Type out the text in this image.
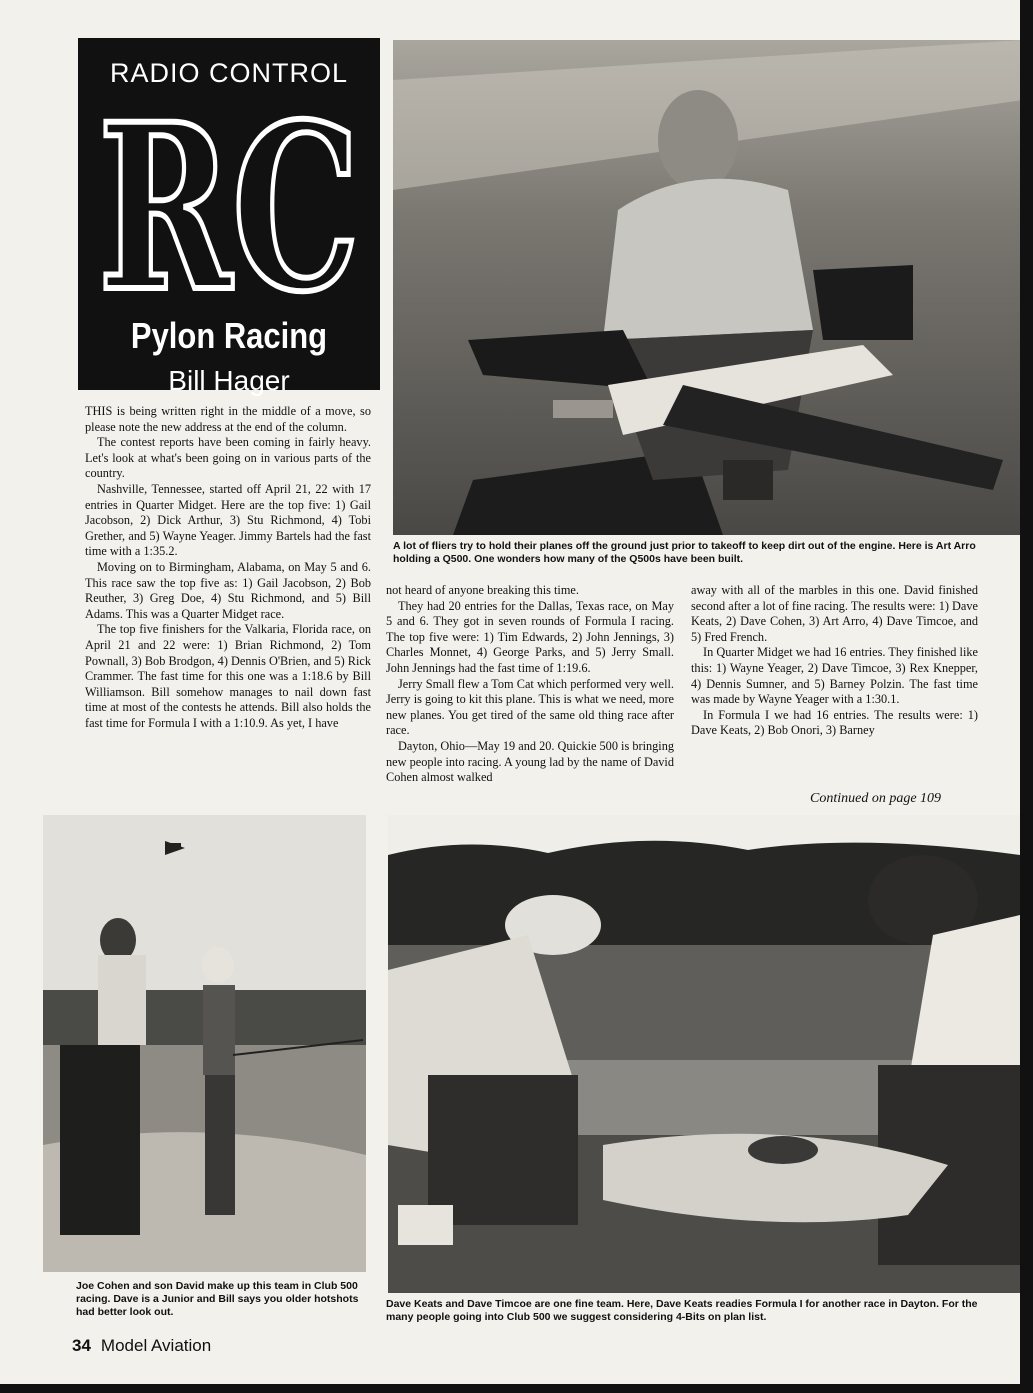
RADIO CONTROL
RC
Pylon Racing
Bill Hager
A lot of fliers try to hold their planes off the ground just prior to takeoff to keep dirt out of the engine. Here is Art Arro holding a Q500. One wonders how many of the Q500s have been built.

THIS is being written right in the middle of a move, so please note the new address at the end of the column.

The contest reports have been coming in fairly heavy. Let's look at what's been going on in various parts of the country.

Nashville, Tennessee, started off April 21, 22 with 17 entries in Quarter Midget. Here are the top five: 1) Gail Jacobson, 2) Dick Arthur, 3) Stu Richmond, 4) Tobi Grether, and 5) Wayne Yeager. Jimmy Bartels had the fast time with a 1:35.2.

Moving on to Birmingham, Alabama, on May 5 and 6. This race saw the top five as: 1) Gail Jacobson, 2) Bob Reuther, 3) Greg Doe, 4) Stu Richmond, and 5) Bill Adams. This was a Quarter Midget race.

The top five finishers for the Valkaria, Florida race, on April 21 and 22 were: 1) Brian Richmond, 2) Tom Pownall, 3) Bob Brodgon, 4) Dennis O'Brien, and 5) Rick Crammer. The fast time for this one was a 1:18.6 by Bill Williamson. Bill somehow manages to nail down fast time at most of the contests he attends. Bill also holds the fast time for Formula I with a 1:10.9. As yet, I have

not heard of anyone breaking this time.

They had 20 entries for the Dallas, Texas race, on May 5 and 6. They got in seven rounds of Formula I racing. The top five were: 1) Tim Edwards, 2) John Jennings, 3) Charles Monnet, 4) George Parks, and 5) Jerry Small. John Jennings had the fast time of 1:19.6.

Jerry Small flew a Tom Cat which performed very well. Jerry is going to kit this plane. This is what we need, more new planes. You get tired of the same old thing race after race.

Dayton, Ohio—May 19 and 20. Quickie 500 is bringing new people into racing. A young lad by the name of David Cohen almost walked

away with all of the marbles in this one. David finished second after a lot of fine racing. The results were: 1) Dave Keats, 2) Dave Cohen, 3) Art Arro, 4) Dave Timcoe, and 5) Fred French.

In Quarter Midget we had 16 entries. They finished like this: 1) Wayne Yeager, 2) Dave Timcoe, 3) Rex Knepper, 4) Dennis Sumner, and 5) Barney Polzin. The fast time was made by Wayne Yeager with a 1:30.1.

In Formula I we had 16 entries. The results were: 1) Dave Keats, 2) Bob Onori, 3) Barney

Continued on page 109
Joe Cohen and son David make up this team in Club 500 racing. Dave is a Junior and Bill says you older hotshots had better look out.
Dave Keats and Dave Timcoe are one fine team. Here, Dave Keats readies Formula I for another race in Dayton. For the many people going into Club 500 we suggest considering 4-Bits on plan list.
34 Model Aviation
